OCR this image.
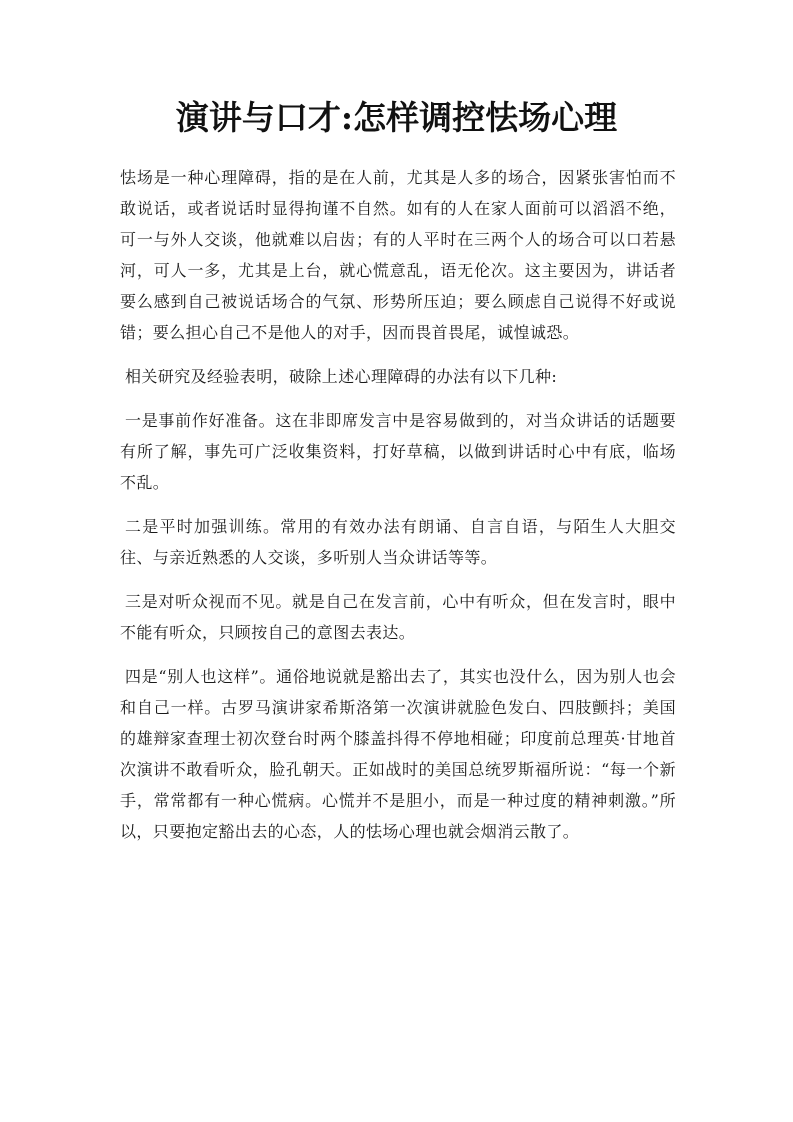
演讲与口才:怎样调控怯场心理

怯场是一种心理障碍，指的是在人前，尤其是人多的场合，因紧张害怕而不敢说话，或者说话时显得拘谨不自然。如有的人在家人面前可以滔滔不绝，可一与外人交谈，他就难以启齿；有的人平时在三两个人的场合可以口若悬河，可人一多，尤其是上台，就心慌意乱，语无伦次。这主要因为，讲话者要么感到自己被说话场合的气氛、形势所压迫；要么顾虑自己说得不好或说错；要么担心自己不是他人的对手，因而畏首畏尾，诚惶诚恐。

相关研究及经验表明，破除上述心理障碍的办法有以下几种:

一是事前作好准备。这在非即席发言中是容易做到的，对当众讲话的话题要有所了解，事先可广泛收集资料，打好草稿，以做到讲话时心中有底，临场不乱。

二是平时加强训练。常用的有效办法有朗诵、自言自语，与陌生人大胆交往、与亲近熟悉的人交谈，多听别人当众讲话等等。

三是对听众视而不见。就是自己在发言前，心中有听众，但在发言时，眼中不能有听众，只顾按自己的意图去表达。

四是“别人也这样”。通俗地说就是豁出去了，其实也没什么，因为别人也会和自己一样。古罗马演讲家希斯洛第一次演讲就脸色发白、四肢颤抖；美国的雄辩家查理士初次登台时两个膝盖抖得不停地相碰；印度前总理英·甘地首次演讲不敢看听众，脸孔朝天。正如战时的美国总统罗斯福所说：“每一个新手，常常都有一种心慌病。心慌并不是胆小，而是一种过度的精神刺激。”所以，只要抱定豁出去的心态，人的怯场心理也就会烟消云散了。
